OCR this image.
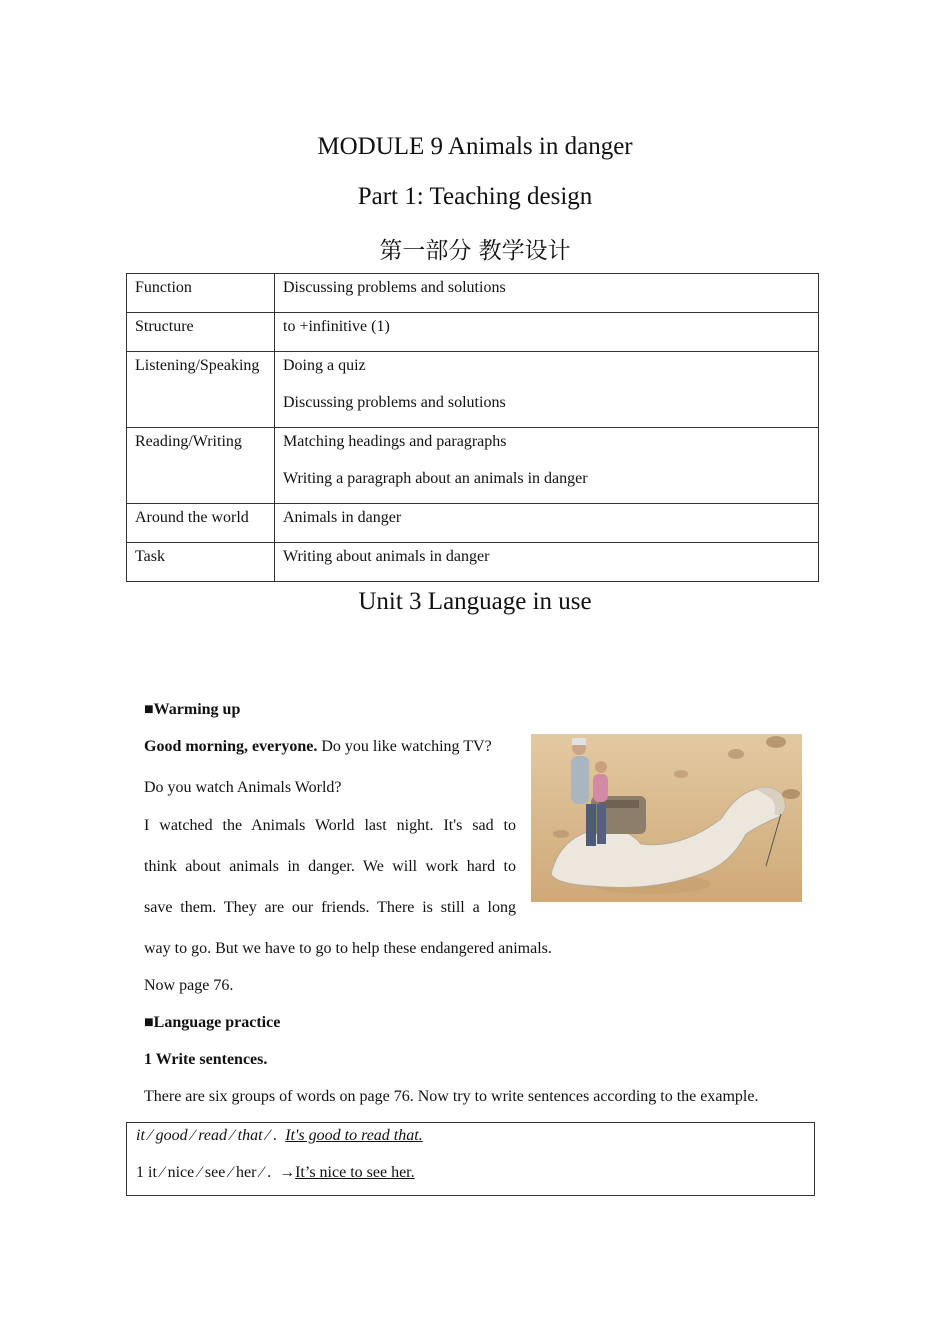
MODULE 9 Animals in danger
Part 1: Teaching design
第一部分 教学设计
Function	Discussing problems and solutions

Structure	to +infinitive (1)

Listening/Speaking	Doing a quiz

Discussing problems and solutions

Reading/Writing	Matching headings and paragraphs

Writing a paragraph about an animals in danger

Around the world	Animals in danger

Task	Writing about animals in danger

Unit 3 Language in use
■Warming up
Good morning, everyone. Do you like watching TV?
Do you watch Animals World?
I watched the Animals World last night. It's sad to
think about animals in danger. We will work hard to
save them. They are our friends. There is still a long
way to go. But we have to go to help these endangered animals.
Now page 76.
■Language practice
1 Write sentences.
There are six groups of words on page 76. Now try to write sentences according to the example.
it ∕ good ∕ read ∕ that ∕ . It's good to read that.
1 it ∕ nice ∕ see ∕ her ∕ . →It’s nice to see her.
